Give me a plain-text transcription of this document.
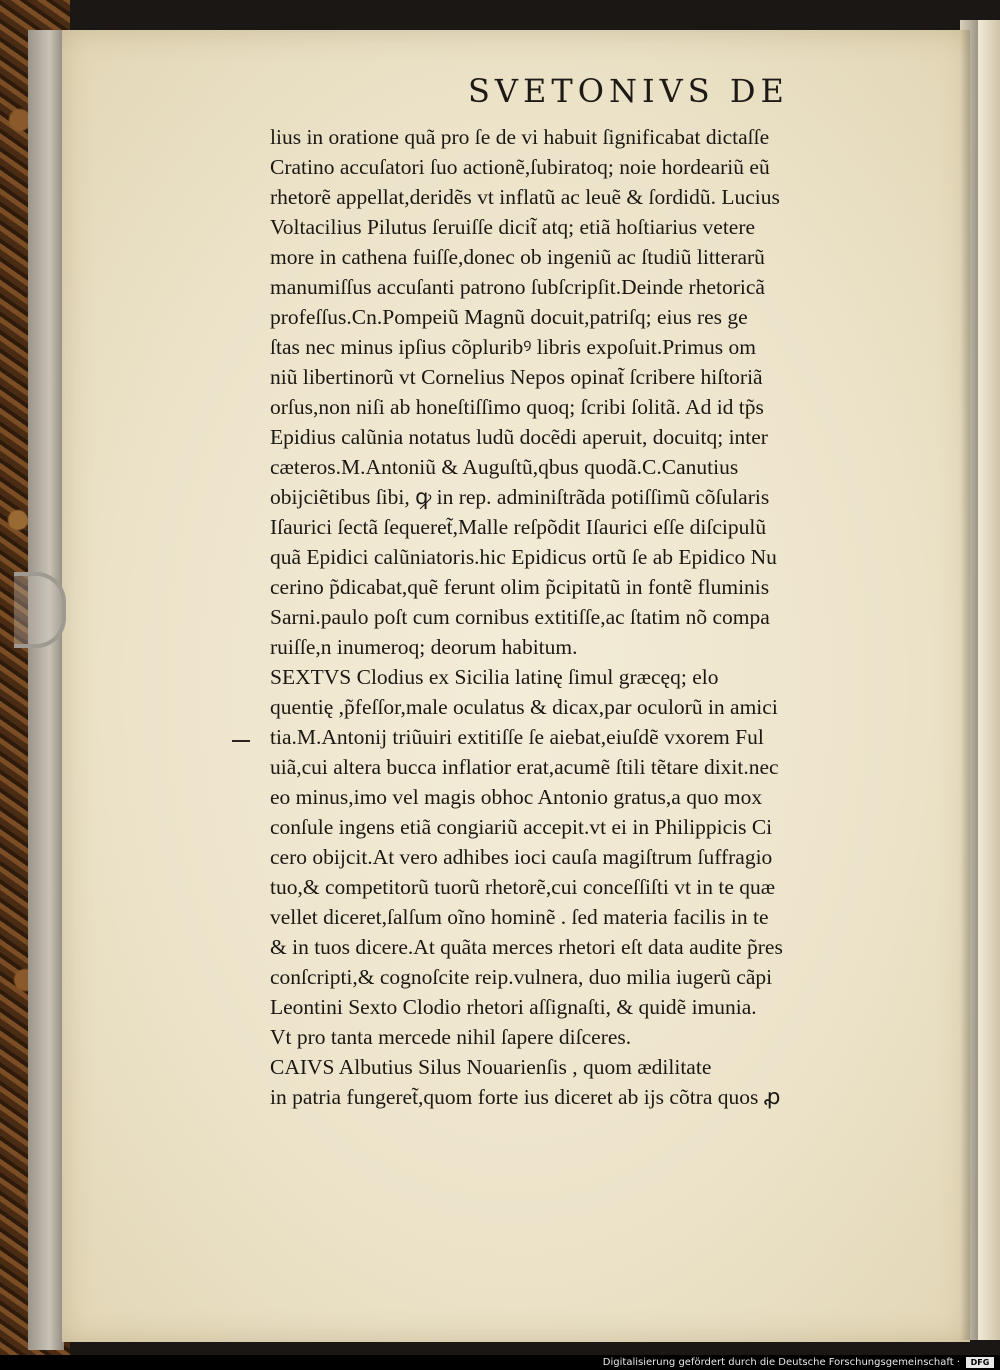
SVETONIVS DE
lius in oratione quã pro ſe de vi habuit ſignificabat dictaſſe
Cratino accuſatori ſuo actionẽ,ſubiratoq; noie hordeariũ eũ
rhetorẽ appellat,deridẽs vt inflatũ ac leuẽ & ſordidũ. Lucius
Voltacilius Pilutus ſeruiſſe dicit̃ atq; etiã hoſtiarius vetere
more in cathena fuiſſe,donec ob ingeniũ ac ſtudiũ litterarũ
manumiſſus accuſanti patrono ſubſcripſit.Deinde rhetoricã
profeſſus.Cn.Pompeiũ Magnũ docuit,patriſq; eius res ge
ſtas nec minus ipſius cõpluribꝰ libris expoſuit.Primus om
niũ libertinorũ vt Cornelius Nepos opinat̃ ſcribere hiſtoriã
orſus,non niſi ab honeſtiſſimo quoq; ſcribi ſolitã. Ad id tp̃s
Epidius calũnia notatus ludũ docẽdi aperuit, docuitq; inter
cæteros.M.Antoniũ & Auguſtũ,qbus quodã.C.Canutius
obijciẽtibus ſibi, ꝙ in rep. adminiſtrãda potiſſimũ cõſularis
Iſaurici ſectã ſequeret̃,Malle reſpõdit Iſaurici eſſe diſcipulũ
quã Epidici calũniatoris.hic Epidicus ortũ ſe ab Epidico Nu
cerino p̃dicabat,quẽ ferunt olim p̃cipitatũ in fontẽ fluminis
Sarni.paulo poſt cum cornibus extitiſſe,ac ſtatim nõ compa
ruiſſe,n inumeroq; deorum habitum.
SEXTVS Clodius ex Sicilia latinę ſimul græcęq; elo
quentię ,p̃feſſor,male oculatus & dicax,par oculorũ in amici
tia.M.Antonij triũuiri extitiſſe ſe aiebat,eiuſdẽ vxorem Ful
uiã,cui altera bucca inflatior erat,acumẽ ſtili tẽtare dixit.nec
eo minus,imo vel magis obhoc Antonio gratus,a quo mox
conſule ingens etiã congiariũ accepit.vt ei in Philippicis Ci
cero obijcit.At vero adhibes ioci cauſa magiſtrum ſuffragio
tuo,& competitorũ tuorũ rhetorẽ,cui conceſſiſti vt in te quæ
vellet diceret,ſalſum oĩno hominẽ . ſed materia facilis in te
& in tuos dicere.At quãta merces rhetori eſt data audite p̃res
conſcripti,& cognoſcite reip.vulnera, duo milia iugerũ cãpi
Leontini Sexto Clodio rhetori aſſignaſti, & quidẽ imunia.
Vt pro tanta mercede nihil ſapere diſceres.
CAIVS Albutius Silus Nouarienſis , quom ædilitate
in patria fungeret̃,quom forte ius diceret ab ijs cõtra quos ꝓ
Digitalisierung gefördert durch die Deutsche Forschungsgemeinschaft ·	DFG
